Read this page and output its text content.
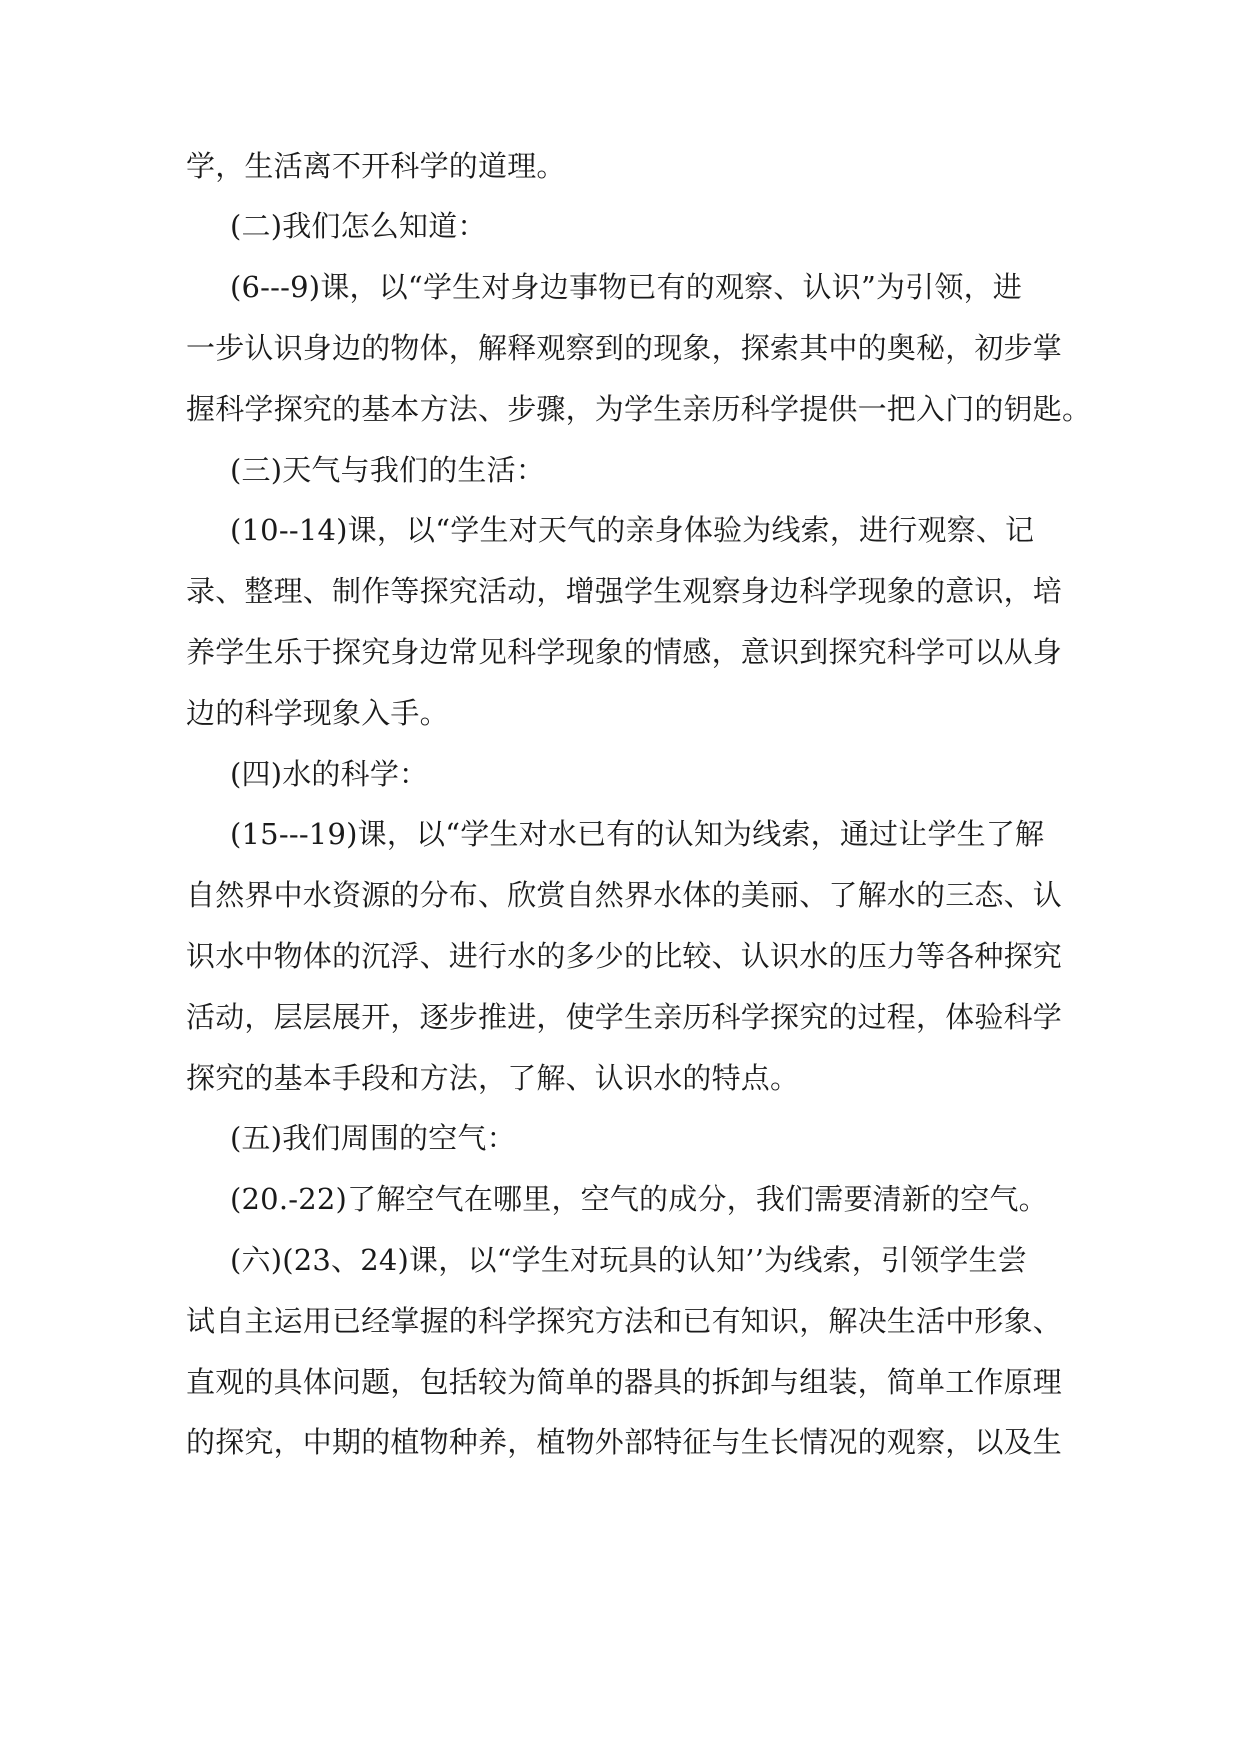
学，生活离不开科学的道理。
(二)我们怎么知道：
(6---9)课，以“学生对身边事物已有的观察、认识”为引领，进
一步认识身边的物体，解释观察到的现象，探索其中的奥秘，初步掌
握科学探究的基本方法、步骤，为学生亲历科学提供一把入门的钥匙。
(三)天气与我们的生活：
(10--14)课，以“学生对天气的亲身体验为线索，进行观察、记
录、整理、制作等探究活动，增强学生观察身边科学现象的意识，培
养学生乐于探究身边常见科学现象的情感，意识到探究科学可以从身
边的科学现象入手。
(四)水的科学：
(15---19)课，以“学生对水已有的认知为线索，通过让学生了解
自然界中水资源的分布、欣赏自然界水体的美丽、了解水的三态、认
识水中物体的沉浮、进行水的多少的比较、认识水的压力等各种探究
活动，层层展开，逐步推进，使学生亲历科学探究的过程，体验科学
探究的基本手段和方法，了解、认识水的特点。
(五)我们周围的空气：
(20.-22)了解空气在哪里，空气的成分，我们需要清新的空气。
(六)(23、24)课，以“学生对玩具的认知’’为线索，引领学生尝
试自主运用已经掌握的科学探究方法和已有知识，解决生活中形象、
直观的具体问题，包括较为简单的器具的拆卸与组装，简单工作原理
的探究，中期的植物种养，植物外部特征与生长情况的观察，以及生
